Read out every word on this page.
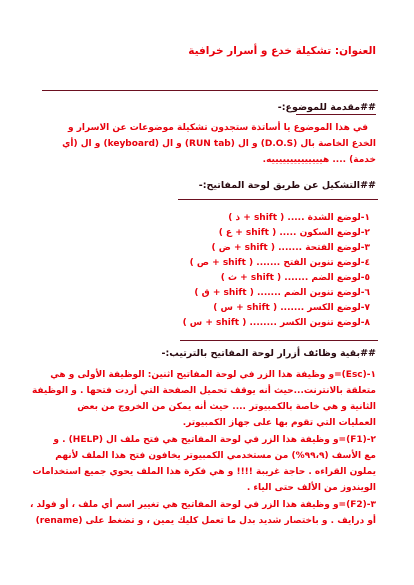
العنوان: تشكيلة خدع و أسرار خرافية
##مقدمة للموضوع:-
في هذا الموضوع يا أساتذة ستجدون تشكيلة موضوعات عن الاسرار و
الخدع الخاصة بال (D.O.S) و ال (RUN tab) و ال (keyboard) و ال (أي
خدمة) .... هييييييييييييييه.
##التشكيل عن طريق لوحة المفاتيح:-
١-لوضع الشدة ..... ( shift + ذ )
٢-لوضع السكون ..... ( shift + ع )
٣-لوضع الفتحة ....... ( shift + ض )
٤-لوضع تنوين الفتح ....... ( shift + ص )
٥-لوضع الضم ....... ( shift + ث )
٦-لوضع تنوين الضم ....... ( shift + ق )
٧-لوضع الكسر ....... ( shift + س )
٨-لوضع تنوين الكسر ........ ( shift + س )
##بقية وظائف أزرار لوحة المفاتيح بالترتيب:-
١-(Esc)=و وظيفة هذا الزر في لوحة المفاتيح اثنين: الوظيفة الأولى و هي
متعلقة بالانترنت...حيث أنه يوقف تحميل الصفحة التي أردت فتحها . و الوظيفة
الثانية و هي خاصة بالكمبيوتر .... حيث أنه يمكن من الخروج من بعض
العمليات التي تقوم بها على جهاز الكمبيوتر.
٢-(F1)=و وظيفة هذا الزر في لوحة المفاتيح هي فتح ملف ال (HELP) . و
مع الأسف (٩٩،٩%) من مستخدمي الكمبيوتر يخافون فتح هذا الملف لأنهم
يملون القراءه . حاجة غريبة !!!! و هي فكرة هذا الملف يحوي جميع استخدامات
الويندوز من الألف حتى الياء .
٣-(F2)=و وظيفة هذا الزر في لوحة المفاتيح هي تغيير اسم أي ملف ، أو فولد ،
أو درايف . و باختصار شديد بدل ما تعمل كليك يمين ، و تضغط على (rename)
